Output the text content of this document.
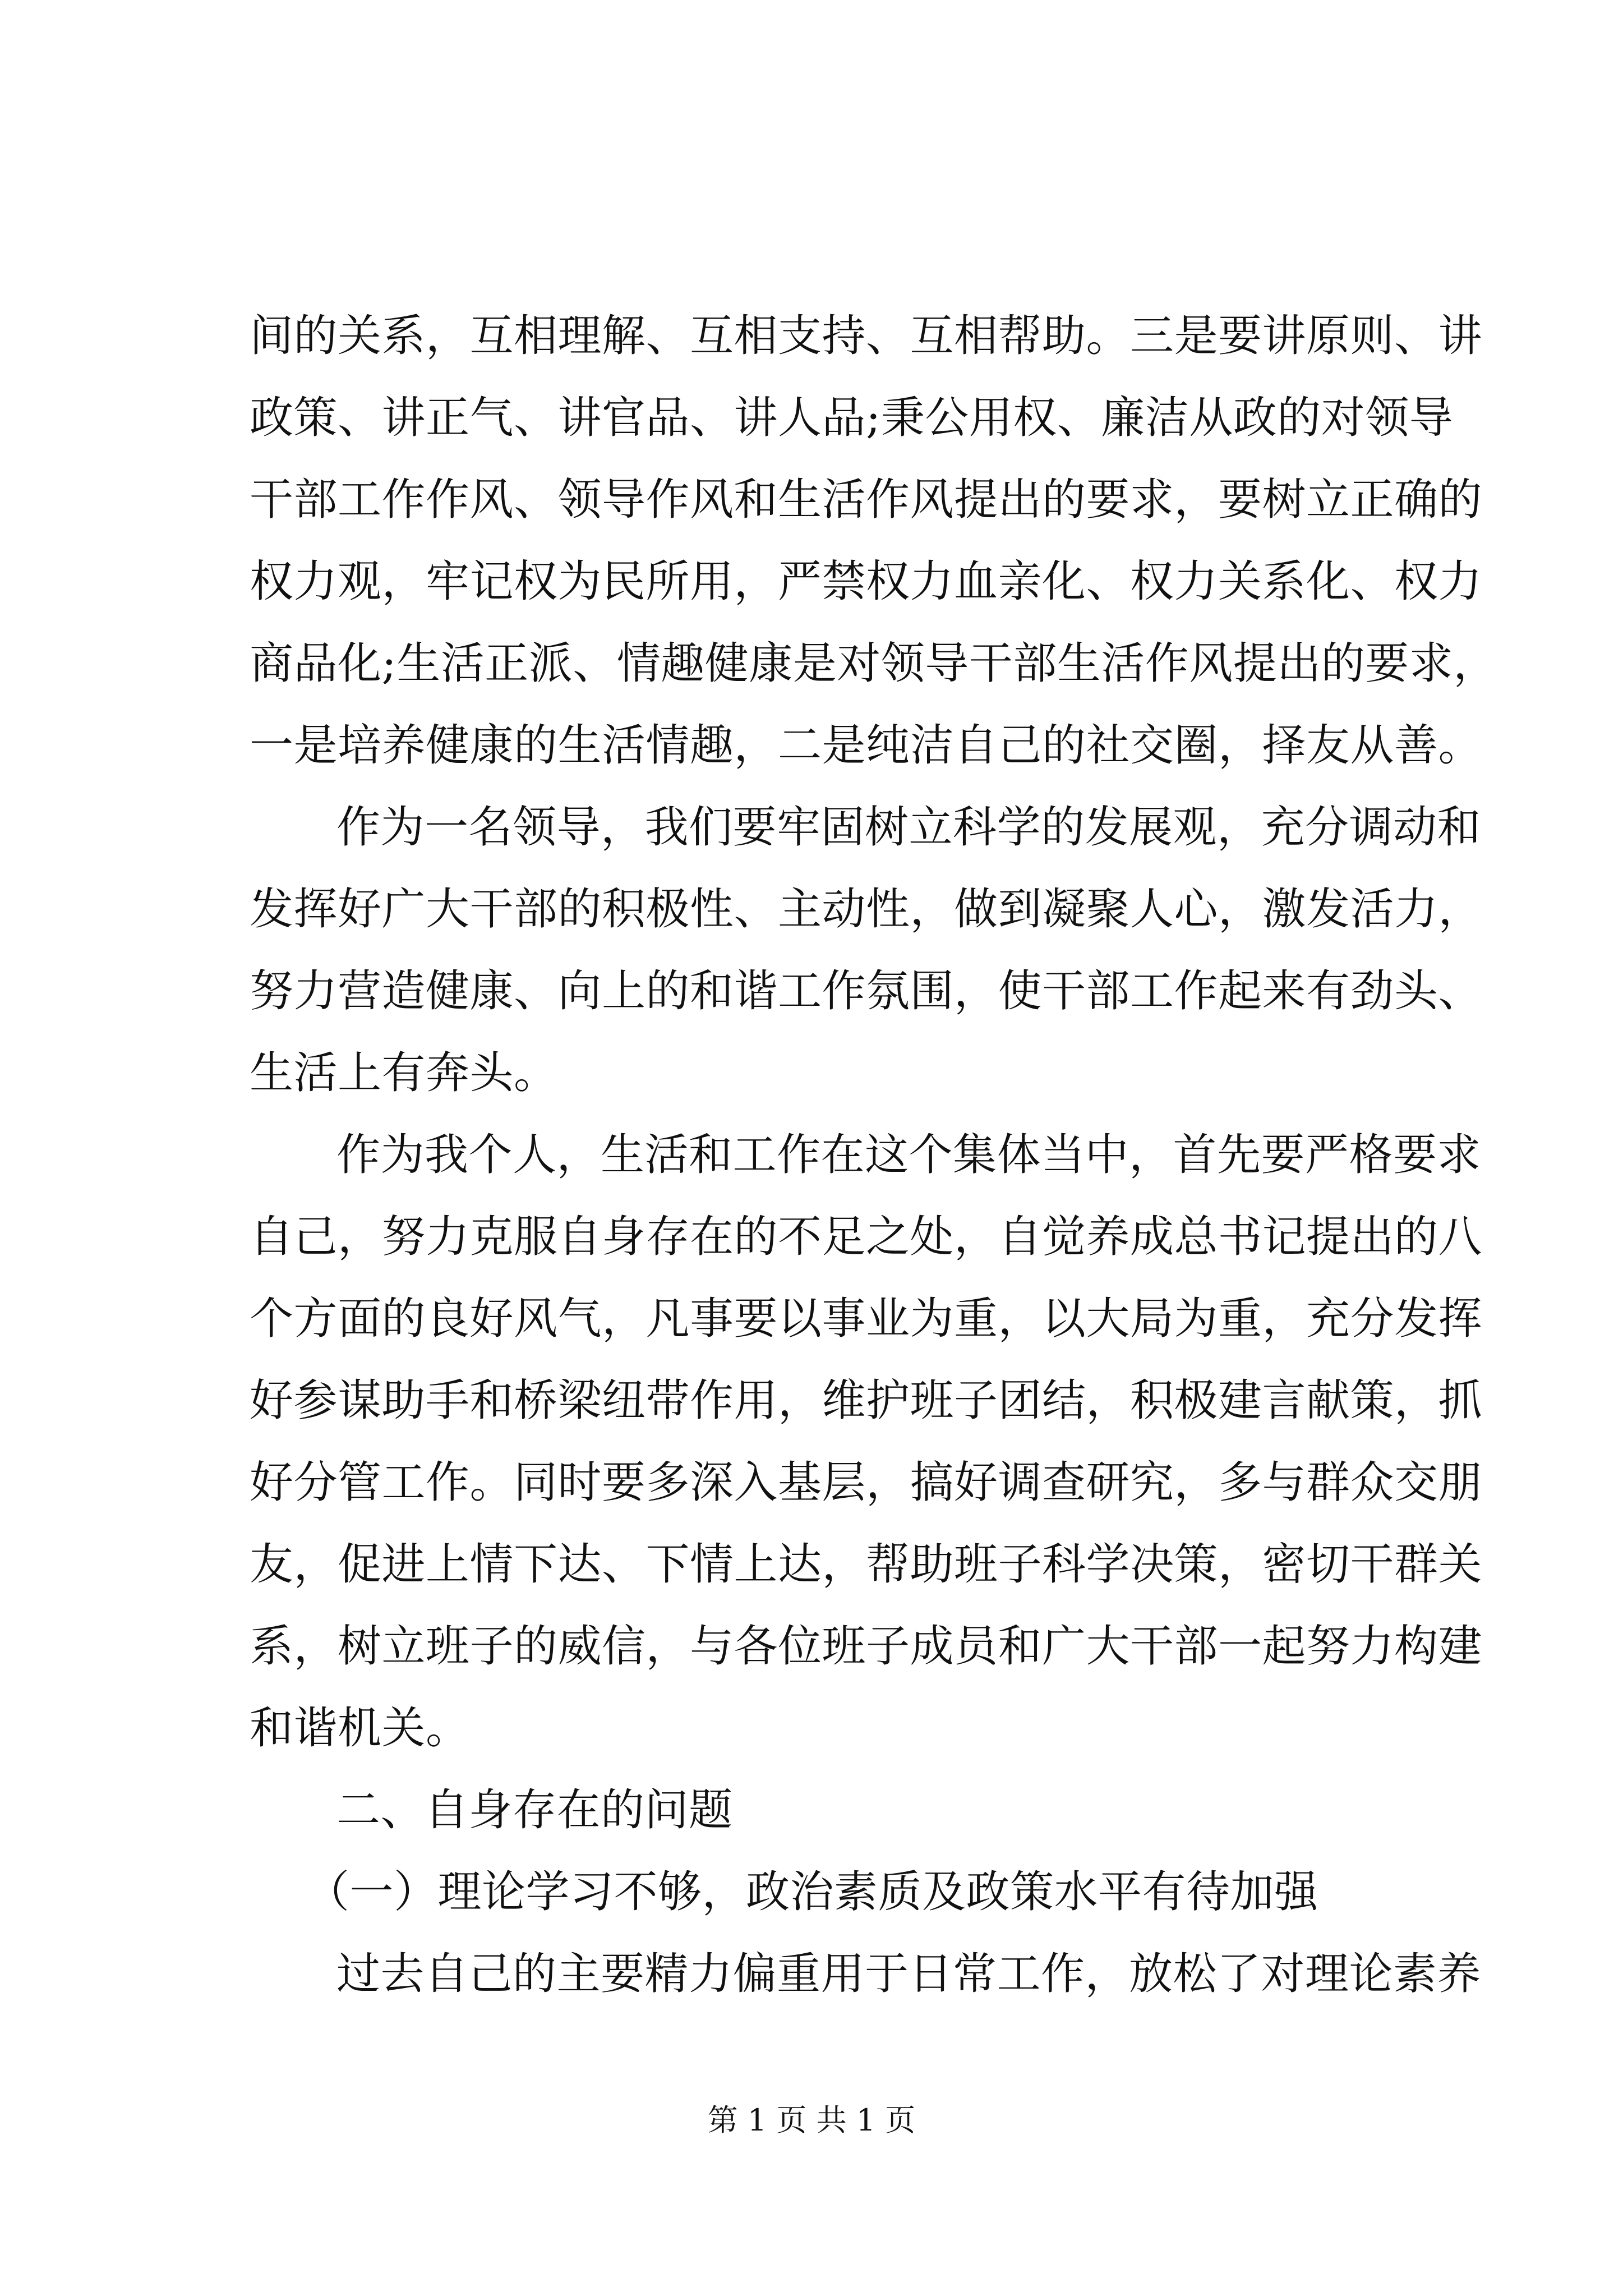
间的关系，互相理解、互相支持、互相帮助。三是要讲原则、讲
政策、讲正气、讲官品、讲人品;秉公用权、廉洁从政的对领导
干部工作作风、领导作风和生活作风提出的要求，要树立正确的
权力观，牢记权为民所用，严禁权力血亲化、权力关系化、权力
商品化;生活正派、情趣健康是对领导干部生活作风提出的要求，
一是培养健康的生活情趣，二是纯洁自己的社交圈，择友从善。
作为一名领导，我们要牢固树立科学的发展观，充分调动和
发挥好广大干部的积极性、主动性，做到凝聚人心，激发活力，
努力营造健康、向上的和谐工作氛围，使干部工作起来有劲头、
生活上有奔头。
作为我个人，生活和工作在这个集体当中，首先要严格要求
自己，努力克服自身存在的不足之处，自觉养成总书记提出的八
个方面的良好风气，凡事要以事业为重，以大局为重，充分发挥
好参谋助手和桥梁纽带作用，维护班子团结，积极建言献策，抓
好分管工作。同时要多深入基层，搞好调查研究，多与群众交朋
友，促进上情下达、下情上达，帮助班子科学决策，密切干群关
系，树立班子的威信，与各位班子成员和广大干部一起努力构建
和谐机关。
二、自身存在的问题
（一）理论学习不够，政治素质及政策水平有待加强
过去自己的主要精力偏重用于日常工作，放松了对理论素养
第 1 页 共 1 页
